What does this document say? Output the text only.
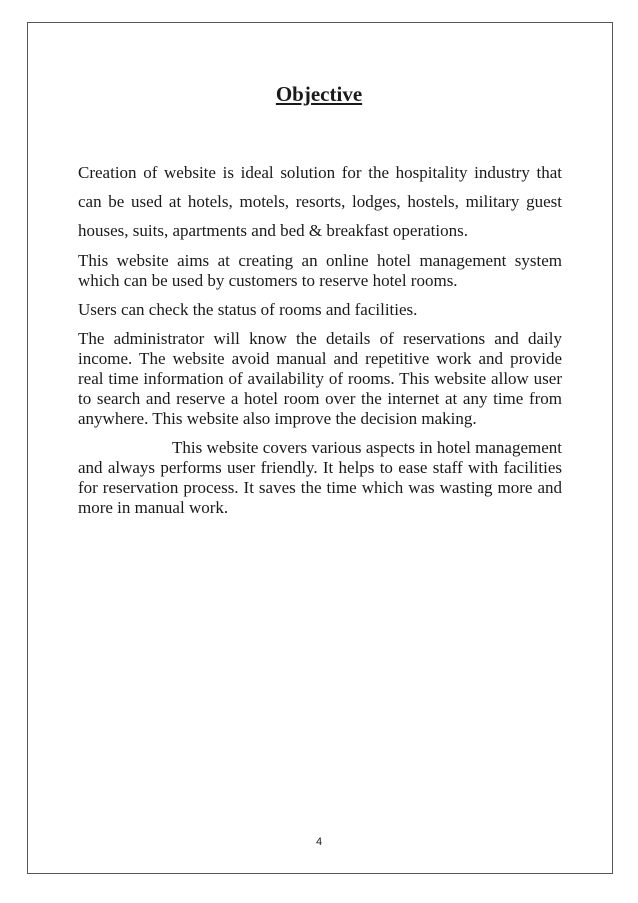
Objective

Creation of website is ideal solution for the hospitality industry that can be used at hotels, motels, resorts, lodges, hostels, military guest houses, suits, apartments and bed & breakfast operations.

This website aims at creating an online hotel management system which can be used by customers to reserve hotel rooms.

Users can check the status of rooms and facilities.

The administrator will know the details of reservations and daily income. The website avoid manual and repetitive work and provide real time information of availability of rooms. This website allow user to search and reserve a hotel room over the internet at any time from anywhere. This website also improve the decision making.

This website covers various aspects in hotel management and always performs user friendly. It helps to ease staff with facilities for reservation process. It saves the time which was wasting more and more in manual work.

4
